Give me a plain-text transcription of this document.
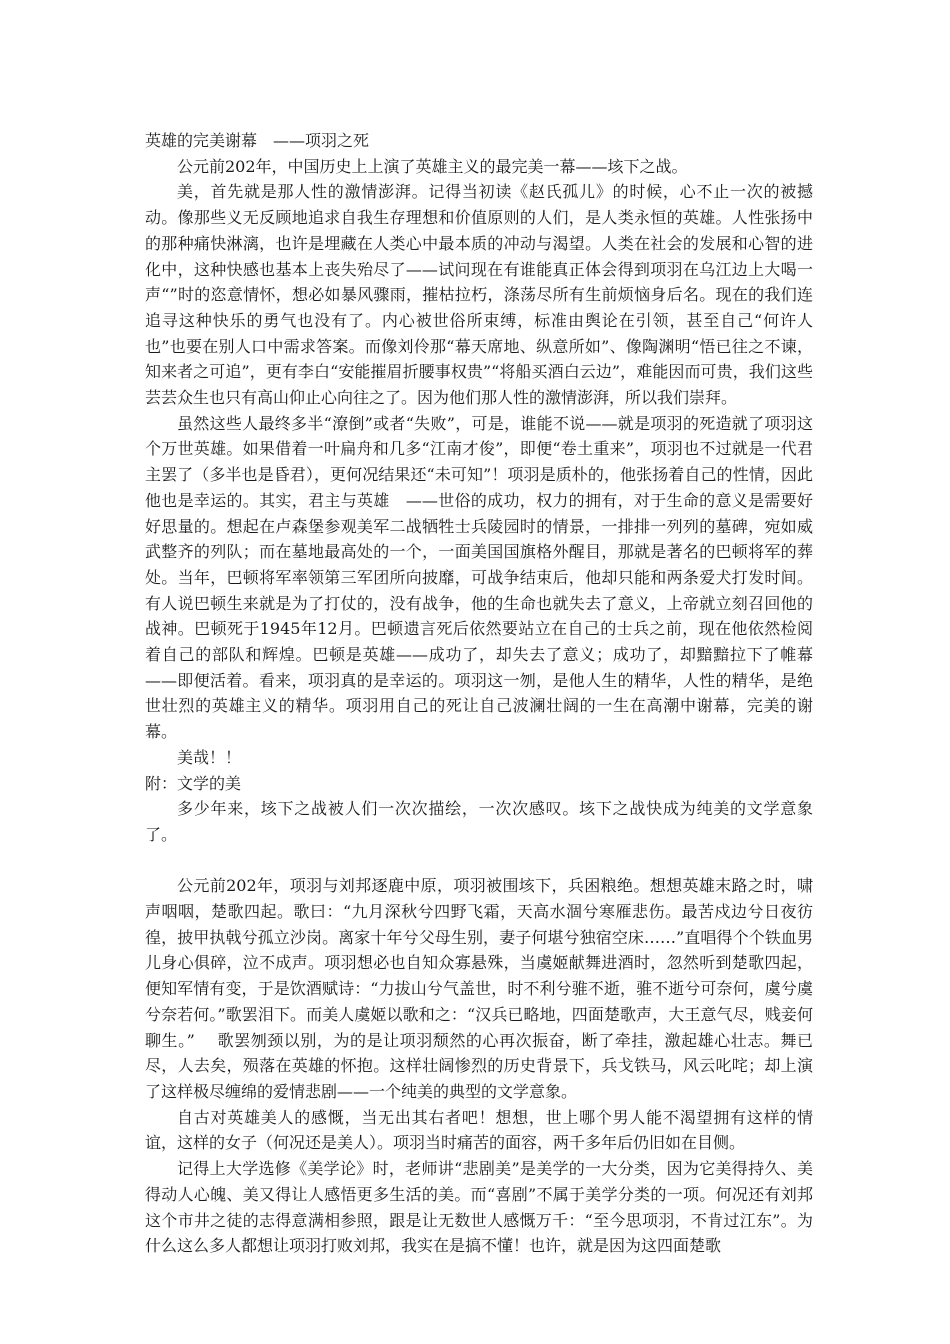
英雄的完美谢幕　——项羽之死

公元前202年，中国历史上上演了英雄主义的最完美一幕——垓下之战。

美，首先就是那人性的激情澎湃。记得当初读《赵氏孤儿》的时候，心不止一次的被撼动。像那些义无反顾地追求自我生存理想和价值原则的人们，是人类永恒的英雄。人性张扬中的那种痛快淋漓，也许是埋藏在人类心中最本质的冲动与渴望。人类在社会的发展和心智的进化中，这种快感也基本上丧失殆尽了——试问现在有谁能真正体会得到项羽在乌江边上大喝一声“”时的恣意情怀，想必如暴风骤雨，摧枯拉朽，涤荡尽所有生前烦恼身后名。现在的我们连追寻这种快乐的勇气也没有了。内心被世俗所束缚，标准由舆论在引领，甚至自己“何许人也”也要在别人口中需求答案。而像刘伶那“幕天席地、纵意所如”、像陶渊明“悟已往之不谏，知来者之可追”，更有李白“安能摧眉折腰事权贵”“将船买酒白云边”，难能因而可贵，我们这些芸芸众生也只有高山仰止心向往之了。因为他们那人性的激情澎湃，所以我们崇拜。

虽然这些人最终多半“潦倒”或者“失败”，可是，谁能不说——就是项羽的死造就了项羽这个万世英雄。如果借着一叶扁舟和几多“江南才俊”，即便“卷土重来”，项羽也不过就是一代君主罢了（多半也是昏君），更何况结果还“未可知”！项羽是质朴的，他张扬着自己的性情，因此他也是幸运的。其实，君主与英雄　——世俗的成功，权力的拥有，对于生命的意义是需要好好思量的。想起在卢森堡参观美军二战牺牲士兵陵园时的情景，一排排一列列的墓碑，宛如威武整齐的列队；而在墓地最高处的一个，一面美国国旗格外醒目，那就是著名的巴顿将军的葬处。当年，巴顿将军率领第三军团所向披靡，可战争结束后，他却只能和两条爱犬打发时间。有人说巴顿生来就是为了打仗的，没有战争，他的生命也就失去了意义，上帝就立刻召回他的战神。巴顿死于1945年12月。巴顿遗言死后依然要站立在自己的士兵之前，现在他依然检阅着自己的部队和辉煌。巴顿是英雄——成功了，却失去了意义；成功了，却黯黯拉下了帷幕——即便活着。看来，项羽真的是幸运的。项羽这一刎，是他人生的精华，人性的精华，是绝世壮烈的英雄主义的精华。项羽用自己的死让自己波澜壮阔的一生在高潮中谢幕，完美的谢幕。

美哉！！

附：文学的美

多少年来，垓下之战被人们一次次描绘，一次次感叹。垓下之战快成为纯美的文学意象了。

公元前202年，项羽与刘邦逐鹿中原，项羽被围垓下，兵困粮绝。想想英雄末路之时，啸声咽咽，楚歌四起。歌曰：“九月深秋兮四野飞霜，天高水涸兮寒雁悲伤。最苦戍边兮日夜彷徨，披甲执戟兮孤立沙岗。离家十年兮父母生别，妻子何堪兮独宿空床……”直唱得个个铁血男儿身心俱碎，泣不成声。项羽想必也自知众寡悬殊，当虞姬献舞进酒时，忽然听到楚歌四起，便知军情有变，于是饮酒赋诗：“力拔山兮气盖世，时不利兮骓不逝，骓不逝兮可奈何，虞兮虞兮奈若何。”歌罢泪下。而美人虞姬以歌和之：“汉兵已略地，四面楚歌声，大王意气尽，贱妾何聊生。”　 歌罢刎颈以别，为的是让项羽颓然的心再次振奋，断了牵挂，激起雄心壮志。舞已尽，人去矣，殒落在英雄的怀抱。这样壮阔惨烈的历史背景下，兵戈铁马，风云叱咤；却上演了这样极尽缠绵的爱情悲剧——一个纯美的典型的文学意象。

自古对英雄美人的感慨，当无出其右者吧！想想，世上哪个男人能不渴望拥有这样的情谊，这样的女子（何况还是美人）。项羽当时痛苦的面容，两千多年后仍旧如在目侧。

记得上大学选修《美学论》时，老师讲“悲剧美”是美学的一大分类，因为它美得持久、美得动人心魄、美又得让人感悟更多生活的美。而“喜剧”不属于美学分类的一项。何况还有刘邦这个市井之徒的志得意满相参照，跟是让无数世人感慨万千：“至今思项羽，不肯过江东”。为什么这么多人都想让项羽打败刘邦，我实在是搞不懂！也许，就是因为这四面楚歌
